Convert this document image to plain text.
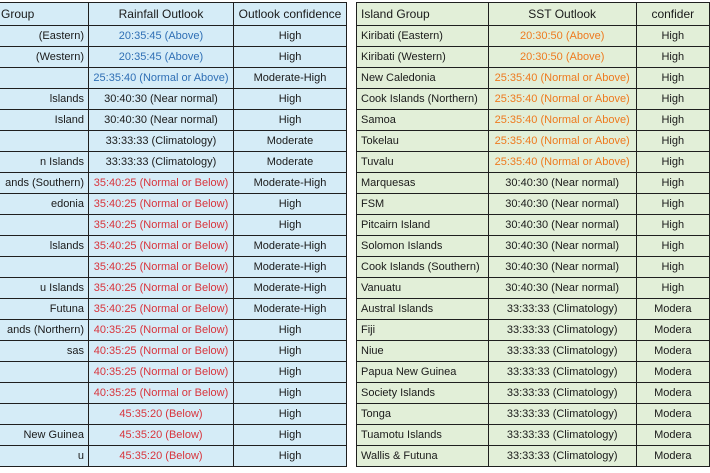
Group	Rainfall Outlook	Outlook confidence
(Eastern)	20:35:45 (Above)	High
(Western)	20:35:45 (Above)	High
	25:35:40 (Normal or Above)	Moderate-High
lslands	30:40:30 (Near normal)	High
Island	30:40:30 (Near normal)	High
	33:33:33 (Climatology)	Moderate
n Islands	33:33:33 (Climatology)	Moderate
ands (Southern)	35:40:25 (Normal or Below)	Moderate-High
edonia	35:40:25 (Normal or Below)	High
	35:40:25 (Normal or Below)	High
lslands	35:40:25 (Normal or Below)	Moderate-High
	35:40:25 (Normal or Below)	Moderate-High
u Islands	35:40:25 (Normal or Below)	Moderate-High
Futuna	35:40:25 (Normal or Below)	Moderate-High
ands (Northern)	40:35:25 (Normal or Below)	High
sas	40:35:25 (Normal or Below)	High
	40:35:25 (Normal or Below)	High
	40:35:25 (Normal or Below)	High
	45:35:20 (Below)	High
New Guinea	45:35:20 (Below)	High
u	45:35:20 (Below)	High
Island Group	SST Outlook	confider
Kiribati (Eastern)	20:30:50 (Above)	High
Kiribati (Western)	20:30:50 (Above)	High
New Caledonia	25:35:40 (Normal or Above)	High
Cook Islands (Northern)	25:35:40 (Normal or Above)	High
Samoa	25:35:40 (Normal or Above)	High
Tokelau	25:35:40 (Normal or Above)	High
Tuvalu	25:35:40 (Normal or Above)	High
Marquesas	30:40:30 (Near normal)	High
FSM	30:40:30 (Near normal)	High
Pitcairn Island	30:40:30 (Near normal)	High
Solomon Islands	30:40:30 (Near normal)	High
Cook Islands (Southern)	30:40:30 (Near normal)	High
Vanuatu	30:40:30 (Near normal)	High
Austral Islands	33:33:33 (Climatology)	Modera
Fiji	33:33:33 (Climatology)	Modera
Niue	33:33:33 (Climatology)	Modera
Papua New Guinea	33:33:33 (Climatology)	Modera
Society Islands	33:33:33 (Climatology)	Modera
Tonga	33:33:33 (Climatology)	Modera
Tuamotu Islands	33:33:33 (Climatology)	Modera
Wallis & Futuna	33:33:33 (Climatology)	Modera
